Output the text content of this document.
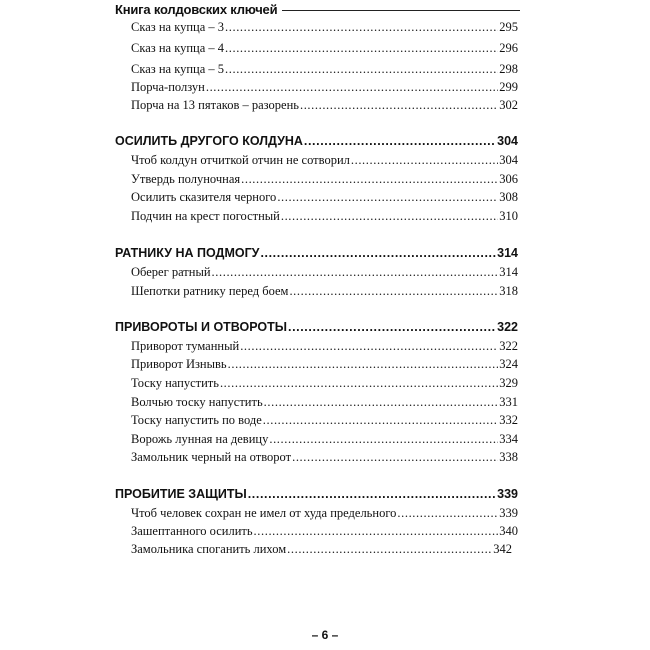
Книга колдовских ключей
Сказ на купца – 3 .....	295
Сказ на купца – 4 .....	296
Сказ на купца – 5 .....	298
Порча-ползун .....	299
Порча на 13 пятаков – разорень .....	302
ОСИЛИТЬ ДРУГОГО КОЛДУНА .....	304
Чтоб колдун отчиткой отчин не сотворил .....	304
Утвердь полуночная .....	306
Осилить сказителя черного .....	308
Подчин на крест погостный .....	310
РАТНИКУ НА ПОДМОГУ .....	314
Оберег ратный .....	314
Шепотки ратнику перед боем .....	318
ПРИВОРОТЫ И ОТВОРОТЫ .....	322
Приворот туманный .....	322
Приворот Изнывь .....	324
Тоску напустить .....	329
Волчью тоску напустить .....	331
Тоску напустить по воде .....	332
Ворожь лунная на девицу .....	334
Замольник черный на отворот .....	338
ПРОБИТИЕ ЗАЩИТЫ .....	339
Чтоб человек сохран не имел от худа предельного .....	339
Зашептанного осилить .....	340
Замольника споганить лихом .....	342
– 6 –
